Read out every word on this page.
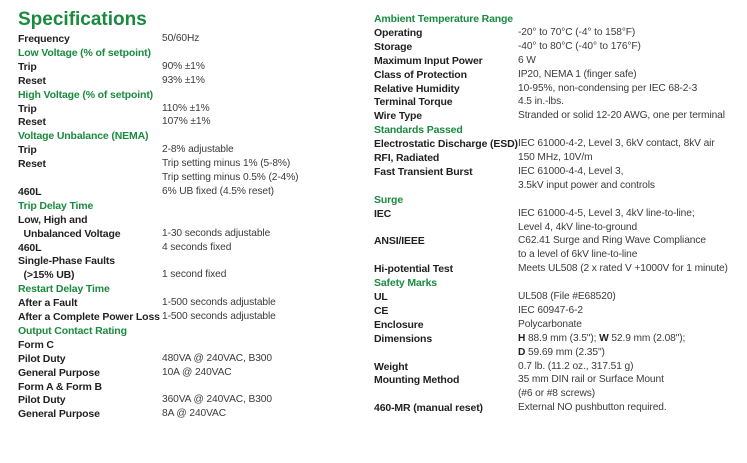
Specifications
Frequency	50/60Hz
Low Voltage (% of setpoint)
Trip	90% ±1%
Reset	93% ±1%
High Voltage (% of setpoint)
Trip	110% ±1%
Reset	107% ±1%
Voltage Unbalance (NEMA)
Trip	2-8% adjustable
Reset	Trip setting minus 1% (5-8%)
Trip setting minus 0.5% (2-4%)
460L	6% UB fixed (4.5% reset)
Trip Delay Time
Low, High and
Unbalanced Voltage	1-30 seconds adjustable
460L	4 seconds fixed
Single-Phase Faults
(>15% UB)	1 second fixed
Restart Delay Time
After a Fault	1-500 seconds adjustable
After a Complete Power Loss 1-500 seconds adjustable
Output Contact Rating
Form C
Pilot Duty	480VA @ 240VAC, B300
General Purpose	10A @ 240VAC
Form A & Form B
Pilot Duty	360VA @ 240VAC, B300
General Purpose	8A @ 240VAC
Ambient Temperature Range
Operating	-20° to 70°C (-4° to 158°F)
Storage	-40° to 80°C (-40° to 176°F)
Maximum Input Power	6 W
Class of Protection	IP20, NEMA 1 (finger safe)
Relative Humidity	10-95%, non-condensing per IEC 68-2-3
Terminal Torque	4.5 in.-lbs.
Wire Type	Stranded or solid 12-20 AWG, one per terminal
Standards Passed
Electrostatic Discharge (ESD) IEC 61000-4-2, Level 3, 6kV contact, 8kV air
RFI, Radiated	150 MHz, 10V/m
Fast Transient Burst	IEC 61000-4-4, Level 3,
3.5kV input power and controls
Surge
IEC	IEC 61000-4-5, Level 3, 4kV line-to-line;
Level 4, 4kV line-to-ground
ANSI/IEEE	C62.41 Surge and Ring Wave Compliance
to a level of 6kV line-to-line
Hi-potential Test	Meets UL508 (2 x rated V +1000V for 1 minute)
Safety Marks
UL	UL508 (File #E68520)
CE	IEC 60947-6-2
Enclosure	Polycarbonate
Dimensions	H 88.9 mm (3.5"); W 52.9 mm (2.08");
D 59.69 mm (2.35")
Weight	0.7 lb. (11.2 oz., 317.51 g)
Mounting Method	35 mm DIN rail or Surface Mount
(#6 or #8 screws)
460-MR (manual reset)	External NO pushbutton required.
